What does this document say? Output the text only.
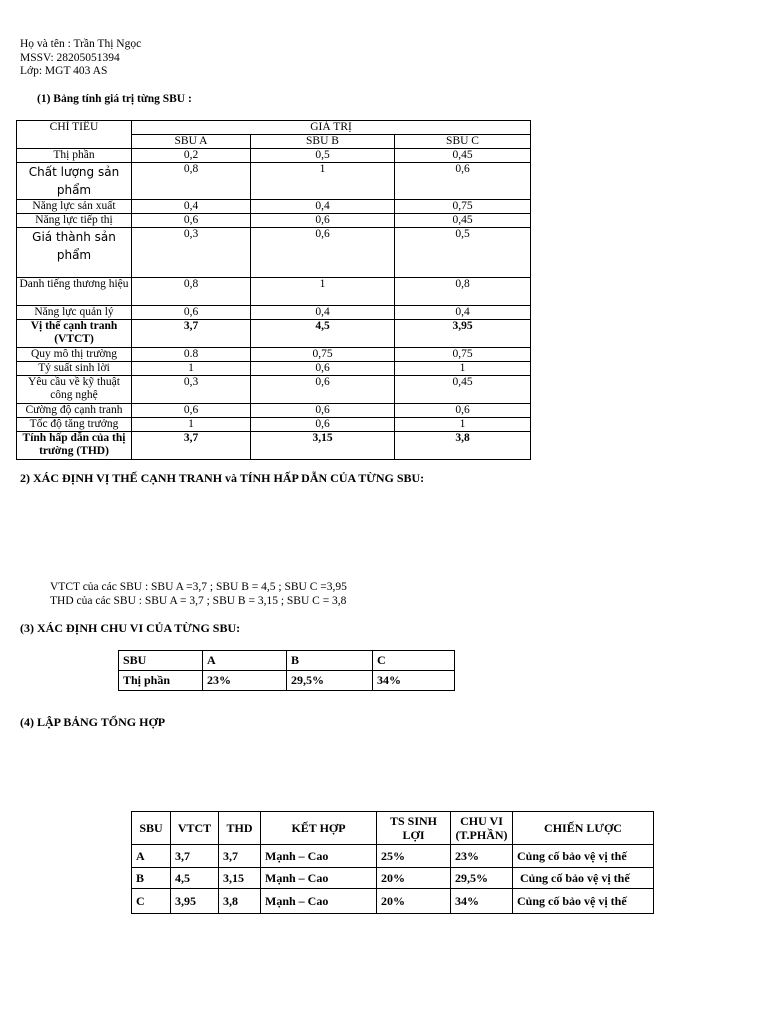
Họ và tên : Trần Thị Ngọc
MSSV: 28205051394
Lớp: MGT 403 AS
(1) Bảng tính giá trị từng SBU :
CHỈ TIÊU	GIÁ TRỊ		
	SBU A	SBU B	SBU C
Thị phần	0,2	0,5	0,45
Chất lượng sản phẩm	0,8	1	0,6
Năng lực sản xuất	0,4	0,4	0,75
Năng lực tiếp thị	0,6	0,6	0,45
Giá thành sản phẩm	0,3	0,6	0,5
Danh tiếng thương hiệu	0,8	1	0,8
Năng lực quản lý	0,6	0,4	0,4
Vị thế cạnh tranh (VTCT)	3,7	4,5	3,95
Quy mô thị trường	0.8	0,75	0,75
Tỷ suất sinh lời	1	0,6	1
Yêu cầu về kỹ thuật công nghệ	0,3	0,6	0,45
Cường độ cạnh tranh	0,6	0,6	0,6
Tốc độ tăng trưởng	1	0,6	1
Tính hấp dẫn của thị trường (THD)	3,7	3,15	3,8
2) XÁC ĐỊNH VỊ THẾ CẠNH TRANH và TÍNH HẤP DẪN CỦA TỪNG SBU:
VTCT của các SBU : SBU A =3,7 ; SBU B = 4,5 ; SBU C =3,95
THD của các SBU : SBU A = 3,7 ; SBU B = 3,15 ; SBU C = 3,8
(3) XÁC ĐỊNH CHU VI CỦA TỪNG SBU:
SBU	A	B	C
Thị phần	23%	29,5%	34%
(4) LẬP BẢNG TỔNG HỢP
SBU	VTCT	THD	KẾT HỢP	TS SINH LỢI	CHU VI (T.PHẦN)	CHIẾN LƯỢC
A	3,7	3,7	Mạnh – Cao	25%	23%	Củng cố bảo vệ vị thế
B	4,5	3,15	Mạnh – Cao	20%	29,5%	Củng cố bảo vệ vị thế
C	3,95	3,8	Mạnh – Cao	20%	34%	Củng cố bảo vệ vị thế
